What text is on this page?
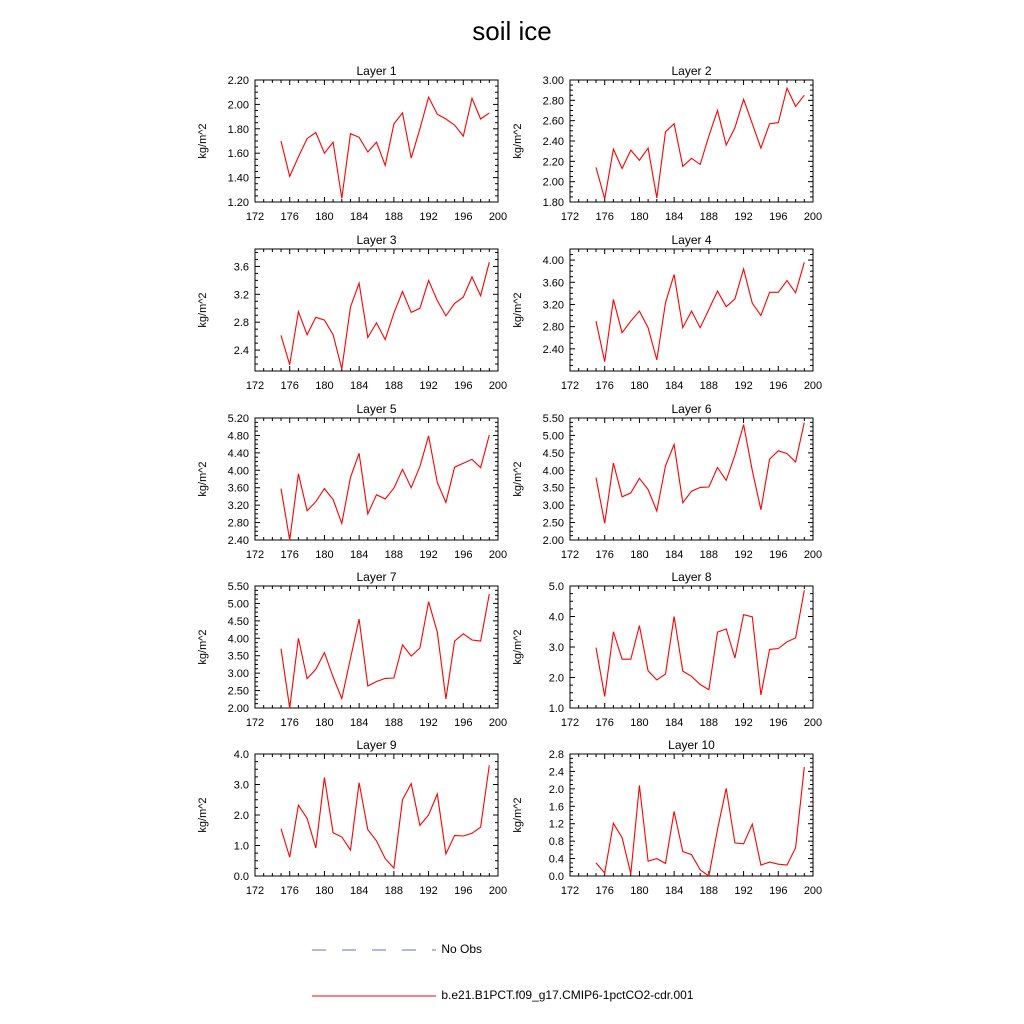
soil ice
Layer 1
172 176 180 184 188 192 196 200
1.20
1.40
1.60
1.80
2.00
2.20
kg/m^2
Layer 2
172 176 180 184 188 192 196 200
1.80
2.00
2.20
2.40
2.60
2.80
3.00
kg/m^2
Layer 3
172 176 180 184 188 192 196 200
2.4
2.8
3.2
3.6
kg/m^2
Layer 4
172 176 180 184 188 192 196 200
2.40
2.80
3.20
3.60
4.00
kg/m^2
Layer 5
172 176 180 184 188 192 196 200
2.40
2.80
3.20
3.60
4.00
4.40
4.80
5.20
kg/m^2
Layer 6
172 176 180 184 188 192 196 200
2.00
2.50
3.00
3.50
4.00
4.50
5.00
5.50
kg/m^2
Layer 7
172 176 180 184 188 192 196 200
2.00
2.50
3.00
3.50
4.00
4.50
5.00
5.50
kg/m^2
Layer 8
172 176 180 184 188 192 196 200
1.0
2.0
3.0
4.0
5.0
kg/m^2
Layer 9
172 176 180 184 188 192 196 200
0.0
1.0
2.0
3.0
4.0
kg/m^2
Layer 10
172 176 180 184 188 192 196 200
0.0
0.4
0.8
1.2
1.6
2.0
2.4
2.8
kg/m^2
No Obs
b.e21.B1PCT.f09_g17.CMIP6-1pctCO2-cdr.001
